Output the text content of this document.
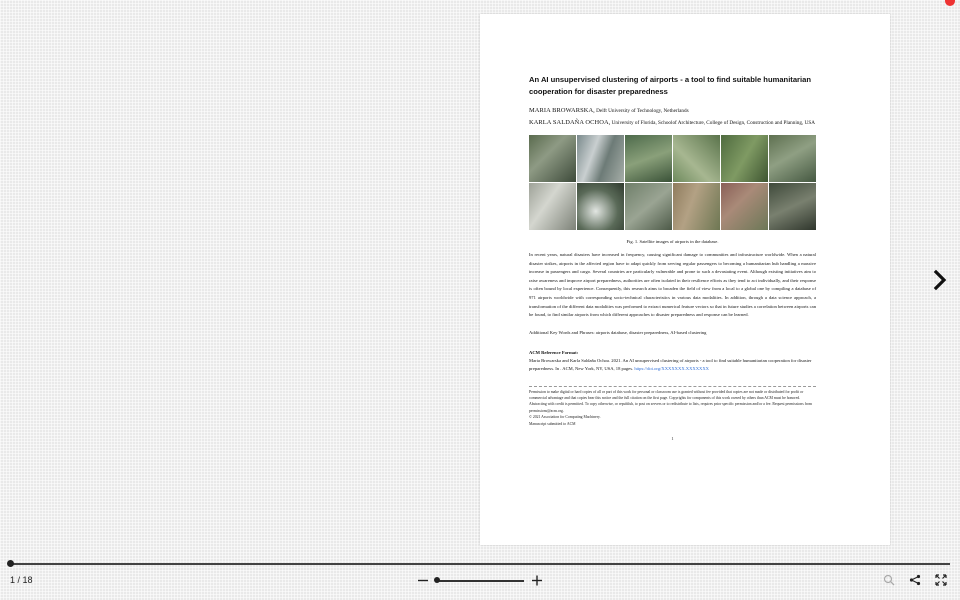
An AI unsupervised clustering of airports - a tool to find suitable humanitarian cooperation for disaster preparedness
MARIA BROWARSKA, Delft University of Technology, Netherlands
KARLA SALDAÑA OCHOA, University of Florida, Schoolof Architecture, College of Design, Construction and Planning, USA
Fig. 1. Satellite images of airports in the database.

In recent years, natural disasters have increased in frequency, causing significant damage to communities and infrastructure worldwide. When a natural disaster strikes, airports in the affected region have to adapt quickly from serving regular passengers to becoming a humanitarian hub handling a massive increase in passengers and cargo. Several countries are particularly vulnerable and prone to such a devastating event. Although existing initiatives aim to raise awareness and improve airport preparedness, authorities are often isolated in their resilience efforts as they tend to act individually, and their response is often bound by local experience. Consequently, this research aims to broaden the field of view from a local to a global one by compiling a database of 971 airports worldwide with corresponding socio-technical characteristics in various data modalities. In addition, through a data science approach, a transformation of the different data modalities was performed to extract numerical feature vectors so that in future studies a correlation between airports can be found, to find similar airports from which different approaches to disaster preparedness and response can be learned.

Additional Key Words and Phrases: airports database, disaster preparedness, AI-based clustering
ACM Reference Format:
Maria Browarska and Karla Saldaña Ochoa. 2021. An AI unsupervised clustering of airports - a tool to find suitable humanitarian cooperation for disaster preparedness. In . ACM, New York, NY, USA, 18 pages. https://doi.org/XXXXXXX.XXXXXXX
Permission to make digital or hard copies of all or part of this work for personal or classroom use is granted without fee provided that copies are not made or distributed for profit or commercial advantage and that copies bear this notice and the full citation on the first page. Copyrights for components of this work owned by others than ACM must be honored. Abstracting with credit is permitted. To copy otherwise, or republish, to post on servers or to redistribute to lists, requires prior specific permission and/or a fee. Request permissions from permissions@acm.org.
© 2021 Association for Computing Machinery.
Manuscript submitted to ACM
1
1 / 18
